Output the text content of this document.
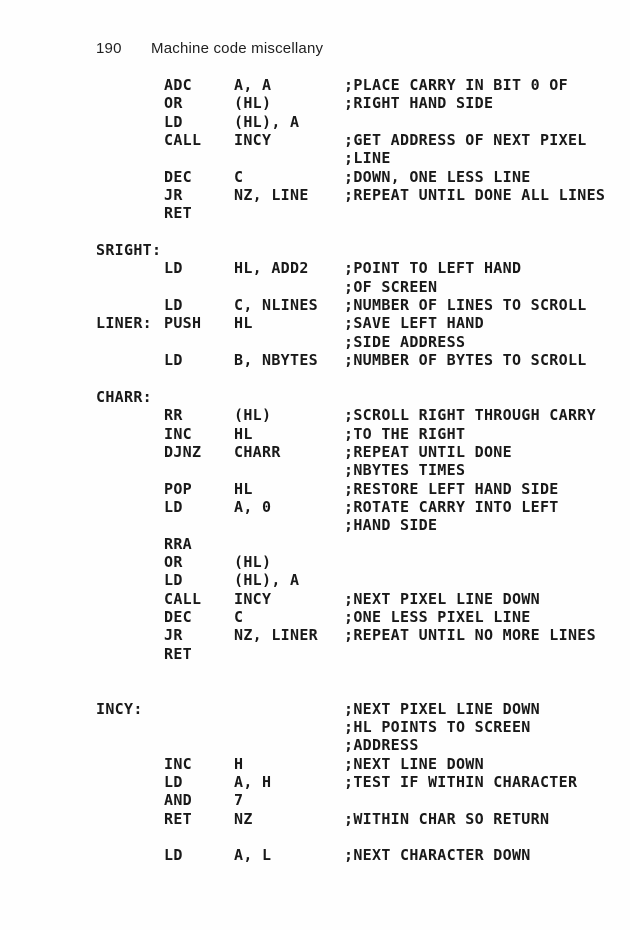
190 Machine code miscellany
ADC	A, A	;PLACE CARRY IN BIT 0 OF
OR	(HL)	;RIGHT HAND SIDE
LD	(HL), A
CALL INCY	;GET ADDRESS OF NEXT PIXEL
;LINE
DEC	C	;DOWN, ONE LESS LINE
JR	NZ, LINE ;REPEAT UNTIL DONE ALL LINES
RET
SRIGHT:
LD	HL, ADD2 ;POINT TO LEFT HAND
;OF SCREEN
LD	C, NLINES ;NUMBER OF LINES TO SCROLL
LINER: PUSH HL	;SAVE LEFT HAND
;SIDE ADDRESS
LD	B, NBYTES ;NUMBER OF BYTES TO SCROLL
CHARR:
RR	(HL)	;SCROLL RIGHT THROUGH CARRY
INC	HL	;TO THE RIGHT
DJNZ CHARR	;REPEAT UNTIL DONE
;NBYTES TIMES
POP	HL	;RESTORE LEFT HAND SIDE
LD	A, 0	;ROTATE CARRY INTO LEFT
;HAND SIDE
RRA
OR	(HL)
LD	(HL), A
CALL INCY	;NEXT PIXEL LINE DOWN
DEC	C	;ONE LESS PIXEL LINE
JR	NZ, LINER ;REPEAT UNTIL NO MORE LINES
RET
INCY:	;NEXT PIXEL LINE DOWN
;HL POINTS TO SCREEN
;ADDRESS
INC	H	;NEXT LINE DOWN
LD	A, H	;TEST IF WITHIN CHARACTER
AND	7
RET	NZ	;WITHIN CHAR SO RETURN
LD	A, L	;NEXT CHARACTER DOWN
